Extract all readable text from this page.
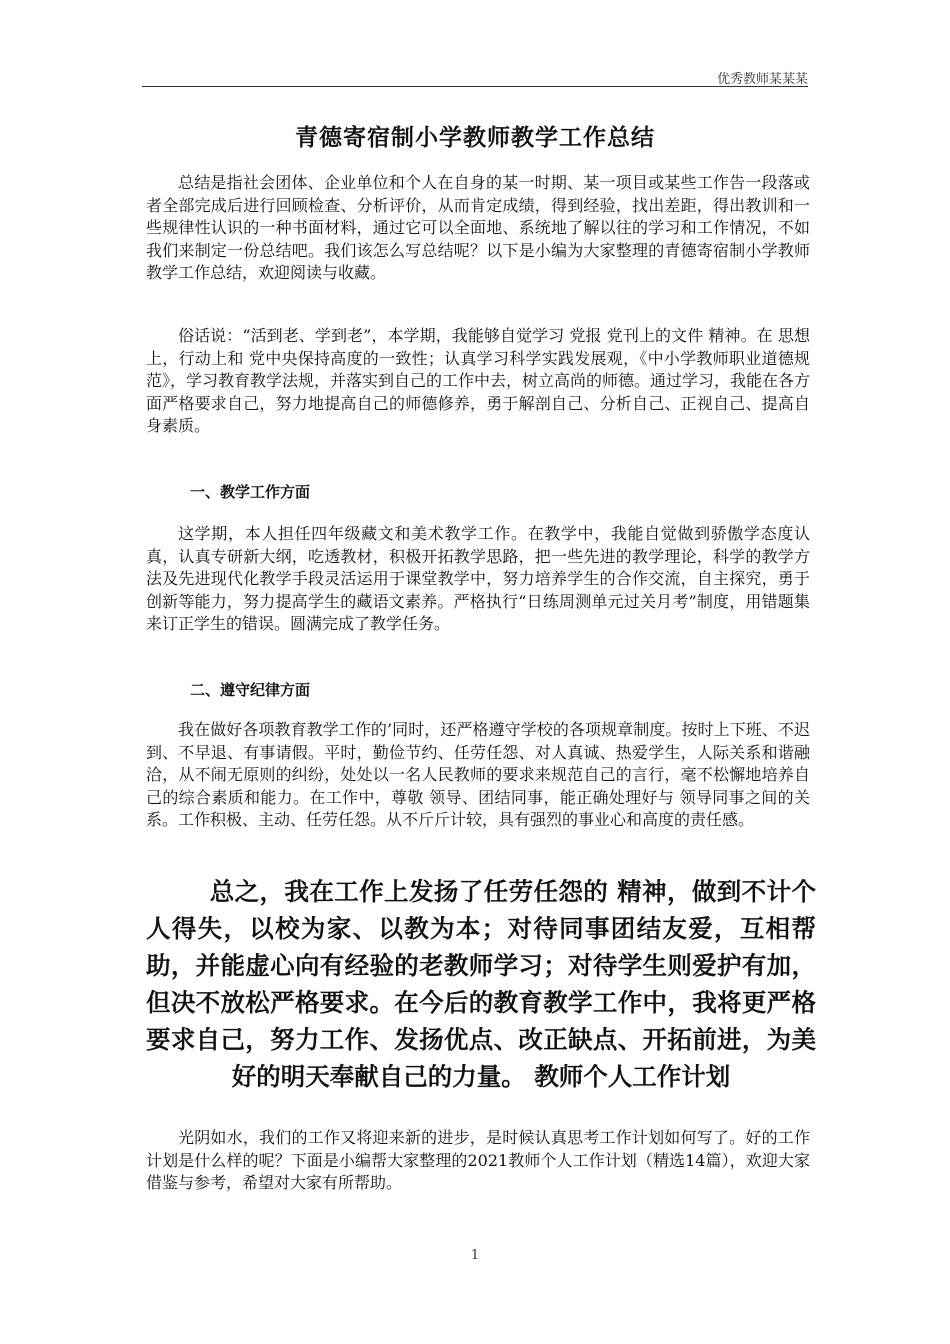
优秀教师某某某
青德寄宿制小学教师教学工作总结

总结是指社会团体、企业单位和个人在自身的某一时期、某一项目或某些工作告一段落或者全部完成后进行回顾检查、分析评价，从而肯定成绩，得到经验，找出差距，得出教训和一些规律性认识的一种书面材料，通过它可以全面地、系统地了解以往的学习和工作情况，不如我们来制定一份总结吧。我们该怎么写总结呢？以下是小编为大家整理的青德寄宿制小学教师教学工作总结，欢迎阅读与收藏。

俗话说：“活到老、学到老”，本学期，我能够自觉学习 党报 党刊上的文件 精神。在 思想上，行动上和 党中央保持高度的一致性；认真学习科学实践发展观，《中小学教师职业道德规范》，学习教育教学法规，并落实到自己的工作中去，树立高尚的师德。通过学习，我能在各方面严格要求自己，努力地提高自己的师德修养，勇于解剖自己、分析自己、正视自己、提高自身素质。

一、教学工作方面

这学期，本人担任四年级藏文和美术教学工作。在教学中，我能自觉做到骄傲学态度认真，认真专研新大纲，吃透教材，积极开拓教学思路，把一些先进的教学理论，科学的教学方法及先进现代化教学手段灵活运用于课堂教学中，努力培养学生的合作交流，自主探究，勇于创新等能力，努力提高学生的藏语文素养。严格执行“日练周测单元过关月考”制度，用错题集来订正学生的错误。圆满完成了教学任务。

二、遵守纪律方面

我在做好各项教育教学工作的’同时，还严格遵守学校的各项规章制度。按时上下班、不迟到、不早退、有事请假。平时，勤俭节约、任劳任怨、对人真诚、热爱学生，人际关系和谐融洽，从不闹无原则的纠纷，处处以一名人民教师的要求来规范自己的言行，毫不松懈地培养自己的综合素质和能力。在工作中，尊敬 领导、团结同事，能正确处理好与 领导同事之间的关系。工作积极、主动、任劳任怨。从不斤斤计较，具有强烈的事业心和高度的责任感。

总之，我在工作上发扬了任劳任怨的 精神，做到不计个人得失，以校为家、以教为本；对待同事团结友爱，互相帮助，并能虚心向有经验的老教师学习；对待学生则爱护有加，但决不放松严格要求。在今后的教育教学工作中，我将更严格要求自己，努力工作、发扬优点、改正缺点、开拓前进，为美好的明天奉献自己的力量。 教师个人工作计划

光阴如水，我们的工作又将迎来新的进步，是时候认真思考工作计划如何写了。好的工作计划是什么样的呢？下面是小编帮大家整理的2021教师个人工作计划（精选14篇），欢迎大家借鉴与参考，希望对大家有所帮助。

1
